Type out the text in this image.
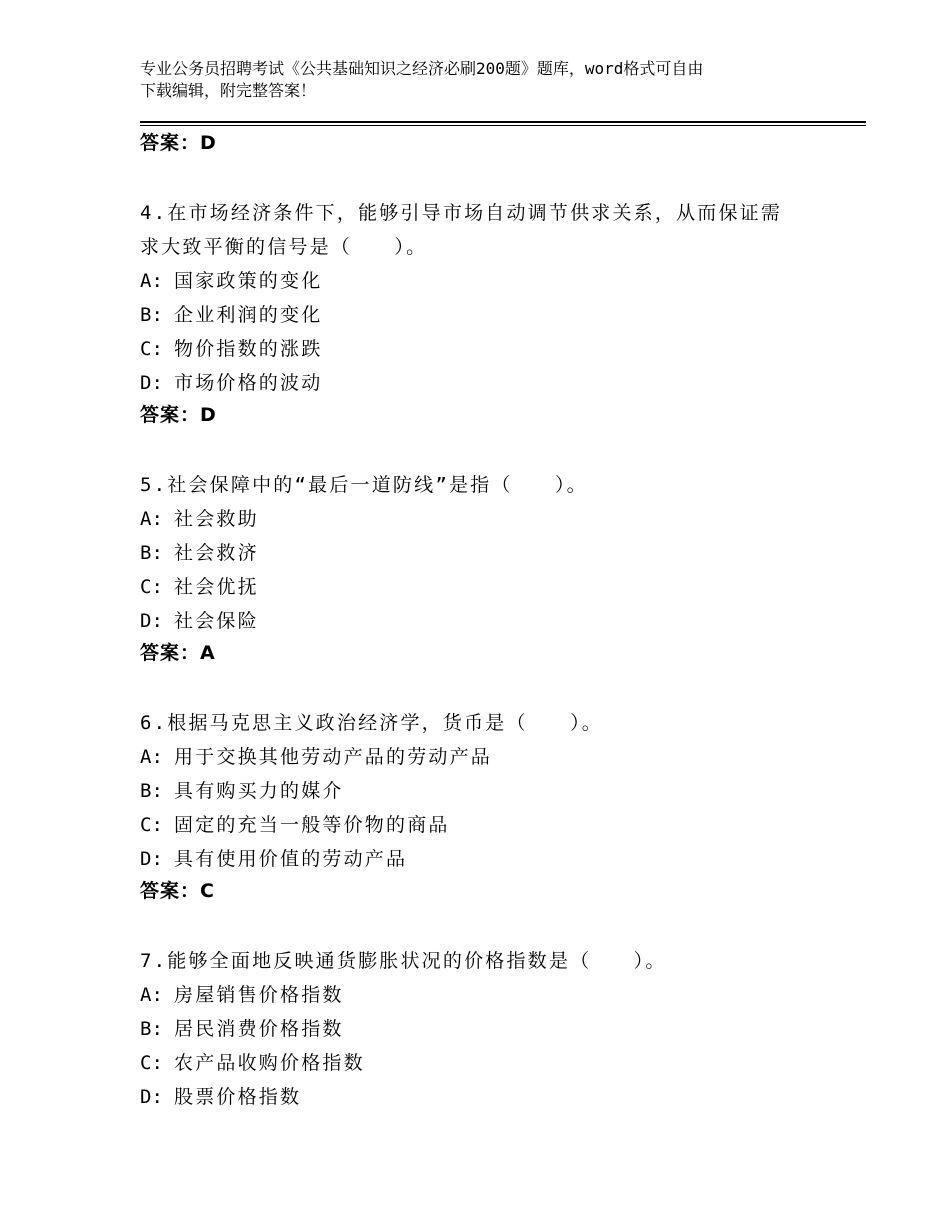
专业公务员招聘考试《公共基础知识之经济必刷200题》题库，word格式可自由
下载编辑，附完整答案！
答案：D
4.在市场经济条件下，能够引导市场自动调节供求关系，从而保证需
求大致平衡的信号是（　　）。
A: 国家政策的变化
B: 企业利润的变化
C: 物价指数的涨跌
D: 市场价格的波动
答案：D
5.社会保障中的“最后一道防线”是指（　　）。
A: 社会救助
B: 社会救济
C: 社会优抚
D: 社会保险
答案：A
6.根据马克思主义政治经济学，货币是（　　）。
A: 用于交换其他劳动产品的劳动产品
B: 具有购买力的媒介
C: 固定的充当一般等价物的商品
D: 具有使用价值的劳动产品
答案：C
7.能够全面地反映通货膨胀状况的价格指数是（　　）。
A: 房屋销售价格指数
B: 居民消费价格指数
C: 农产品收购价格指数
D: 股票价格指数
